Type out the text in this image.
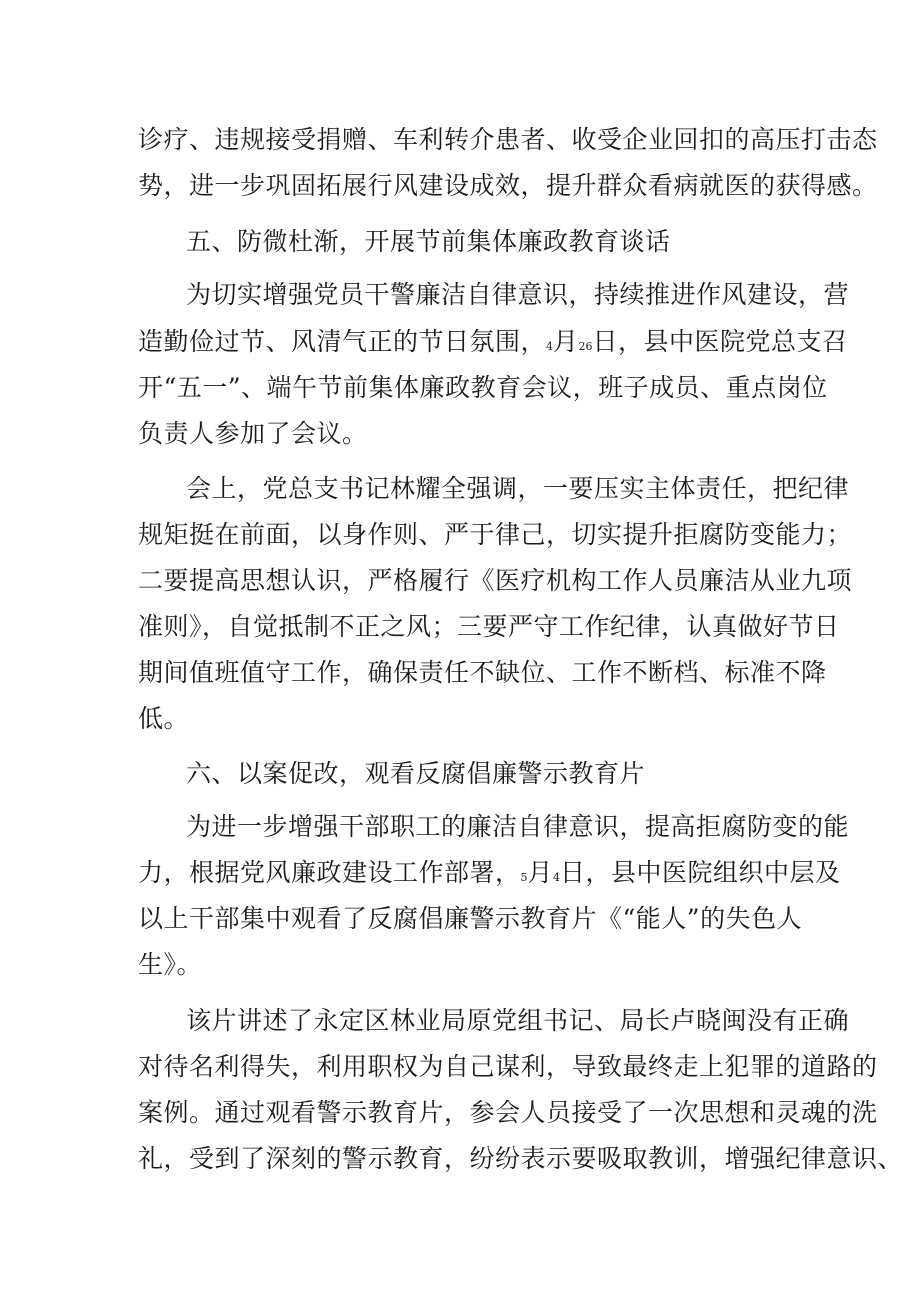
诊疗、违规接受捐赠、车利转介患者、收受企业回扣的高压打击态
势，进一步巩固拓展行风建设成效，提升群众看病就医的获得感。
五、防微杜渐，开展节前集体廉政教育谈话
为切实增强党员干警廉洁自律意识，持续推进作风建设，营
造勤俭过节、风清气正的节日氛围，4月26日，县中医院党总支召
开“五一”、端午节前集体廉政教育会议，班子成员、重点岗位
负责人参加了会议。
会上，党总支书记林耀全强调，一要压实主体责任，把纪律
规矩挺在前面，以身作则、严于律己，切实提升拒腐防变能力；
二要提高思想认识，严格履行《医疗机构工作人员廉洁从业九项
准则》，自觉抵制不正之风；三要严守工作纪律，认真做好节日
期间值班值守工作，确保责任不缺位、工作不断档、标准不降
低。
六、以案促改，观看反腐倡廉警示教育片
为进一步增强干部职工的廉洁自律意识，提高拒腐防变的能
力，根据党风廉政建设工作部署，5月4日，县中医院组织中层及
以上干部集中观看了反腐倡廉警示教育片《“能人”的失色人
生》。
该片讲述了永定区林业局原党组书记、局长卢晓闽没有正确
对待名利得失，利用职权为自己谋利，导致最终走上犯罪的道路的
案例。通过观看警示教育片，参会人员接受了一次思想和灵魂的洗
礼，受到了深刻的警示教育，纷纷表示要吸取教训，增强纪律意识、
